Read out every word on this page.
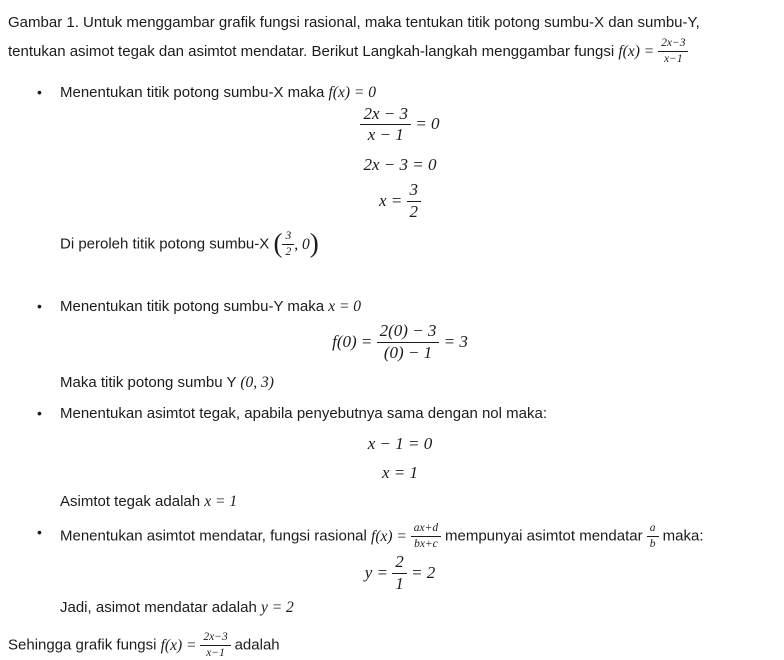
Gambar 1. Untuk menggambar grafik fungsi rasional, maka tentukan titik potong sumbu-X dan sumbu-Y,
tentukan asimot tegak dan asimtot mendatar. Berikut Langkah-langkah menggambar fungsi $f(x) = \frac{2x-3}{x-1}$
•	Menentukan titik potong sumbu-X maka f(x) = 0
$\frac{2x - 3}{x - 1} = 0$
2x − 3 = 0
$x = \frac{3}{2}$
Di peroleh titik potong sumbu-X ( $\frac{3}{2}$ , 0)
•	Menentukan titik potong sumbu-Y maka x = 0
$f(0) = \frac{2(0) - 3}{(0) - 1} = 3$
Maka titik potong sumbu Y (0, 3)
•	Menentukan asimtot tegak, apabila penyebutnya sama dengan nol maka:
x − 1 = 0
x = 1
Asimtot tegak adalah x = 1
•	Menentukan asimtot mendatar, fungsi rasional $f(x) = \frac{ax+d}{bx+c}$ mempunyai asimtot mendatar $\frac{a}{b}$ maka:
$y = \frac{2}{1} = 2$
Jadi, asimot mendatar adalah y = 2
Sehingga grafik fungsi $f(x) = \frac{2x-3}{x-1}$ adalah
